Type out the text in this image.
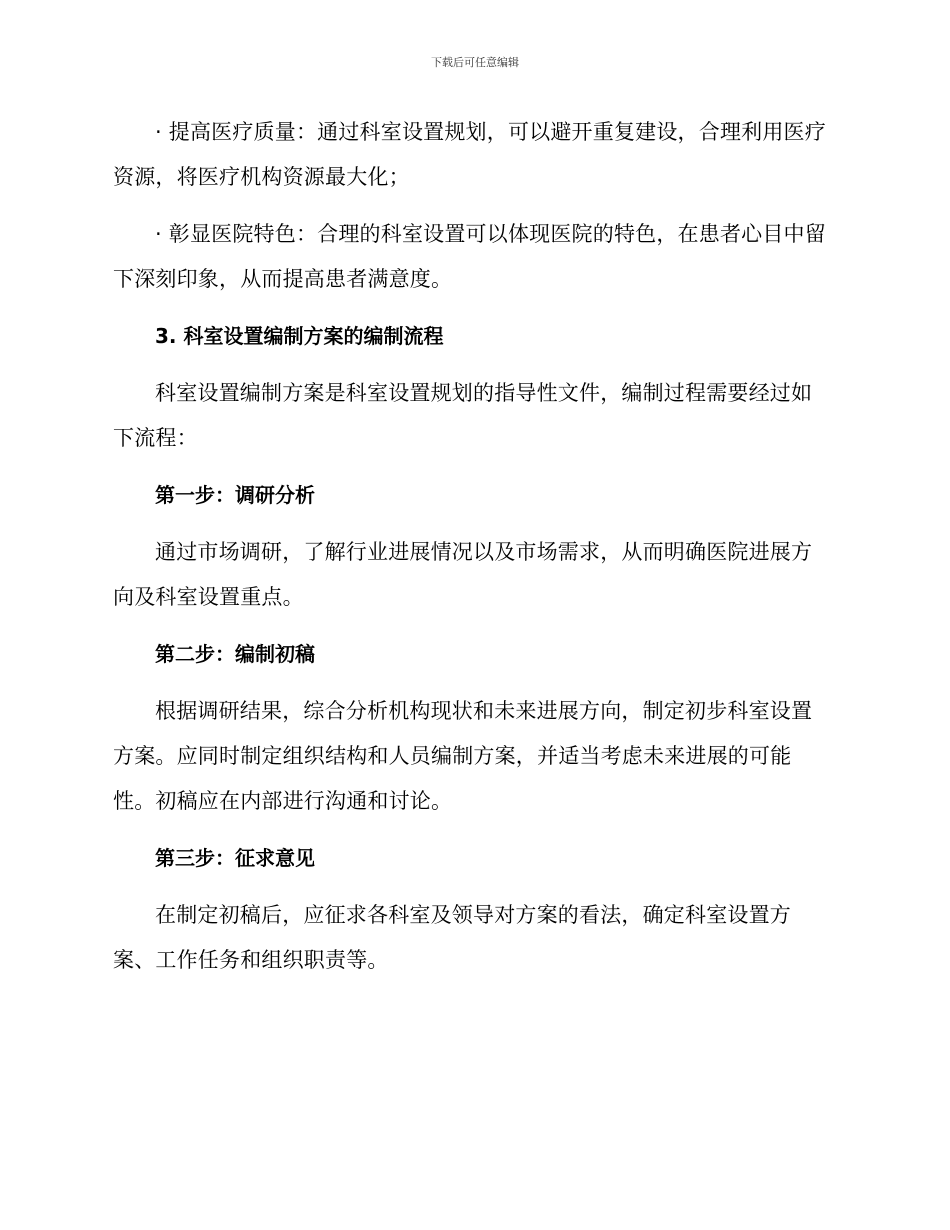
下载后可任意编辑

· 提高医疗质量：通过科室设置规划，可以避开重复建设，合理利用医疗资源，将医疗机构资源最大化；

· 彰显医院特色：合理的科室设置可以体现医院的特色，在患者心目中留下深刻印象，从而提高患者满意度。

3. 科室设置编制方案的编制流程

科室设置编制方案是科室设置规划的指导性文件，编制过程需要经过如下流程：

第一步：调研分析

通过市场调研，了解行业进展情况以及市场需求，从而明确医院进展方向及科室设置重点。

第二步：编制初稿

根据调研结果，综合分析机构现状和未来进展方向，制定初步科室设置方案。应同时制定组织结构和人员编制方案，并适当考虑未来进展的可能性。初稿应在内部进行沟通和讨论。

第三步：征求意见

在制定初稿后，应征求各科室及领导对方案的看法，确定科室设置方案、工作任务和组织职责等。
